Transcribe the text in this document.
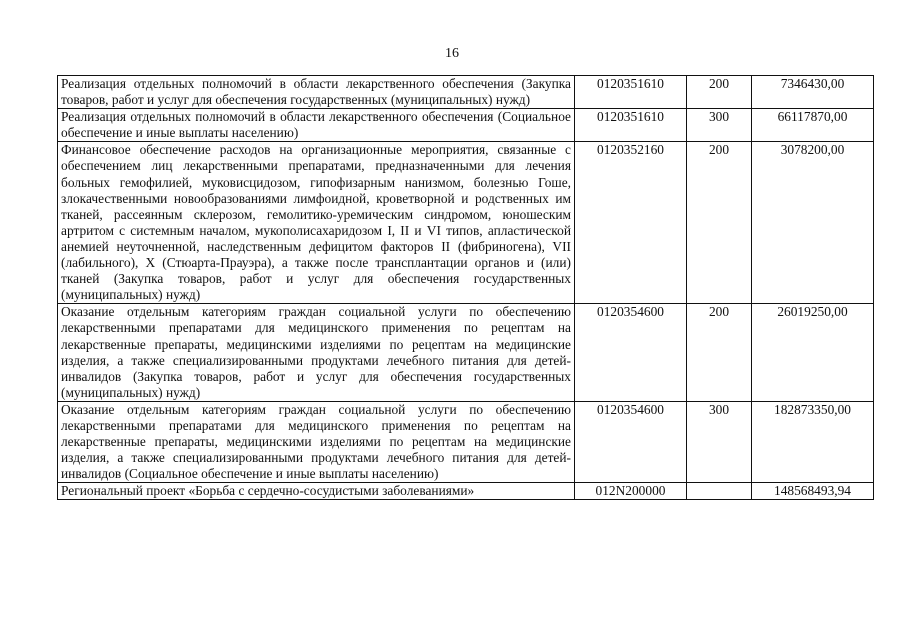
16
Реализация отдельных полномочий в области лекарственного обеспечения (Закупка товаров, работ и услуг для обеспечения государственных (муниципальных) нужд)	0120351610	200	7346430,00
Реализация отдельных полномочий в области лекарственного обеспечения (Социальное обеспечение и иные выплаты населению)	0120351610	300	66117870,00
Финансовое обеспечение расходов на организационные мероприятия, связанные с обеспечением лиц лекарственными препаратами, предназначенными для лечения больных гемофилией, муковисцидозом, гипофизарным нанизмом, болезнью Гоше, злокачественными новообразованиями лимфоидной, кроветворной и родственных им тканей, рассеянным склерозом, гемолитико-уремическим синдромом, юношеским артритом с системным началом, мукополисахаридозом I, II и VI типов, апластической анемией неуточненной, наследственным дефицитом факторов II (фибриногена), VII (лабильного), X (Стюарта-Прауэра), а также после трансплантации органов и (или) тканей (Закупка товаров, работ и услуг для обеспечения государственных (муниципальных) нужд)	0120352160	200	3078200,00
Оказание отдельным категориям граждан социальной услуги по обеспечению лекарственными препаратами для медицинского применения по рецептам на лекарственные препараты, медицинскими изделиями по рецептам на медицинские изделия, а также специализированными продуктами лечебного питания для детей-инвалидов (Закупка товаров, работ и услуг для обеспечения государственных (муниципальных) нужд)	0120354600	200	26019250,00
Оказание отдельным категориям граждан социальной услуги по обеспечению лекарственными препаратами для медицинского применения по рецептам на лекарственные препараты, медицинскими изделиями по рецептам на медицинские изделия, а также специализированными продуктами лечебного питания для детей-инвалидов (Социальное обеспечение и иные выплаты населению)	0120354600	300	182873350,00
Региональный проект «Борьба с сердечно-сосудистыми заболеваниями»	012N200000		148568493,94
